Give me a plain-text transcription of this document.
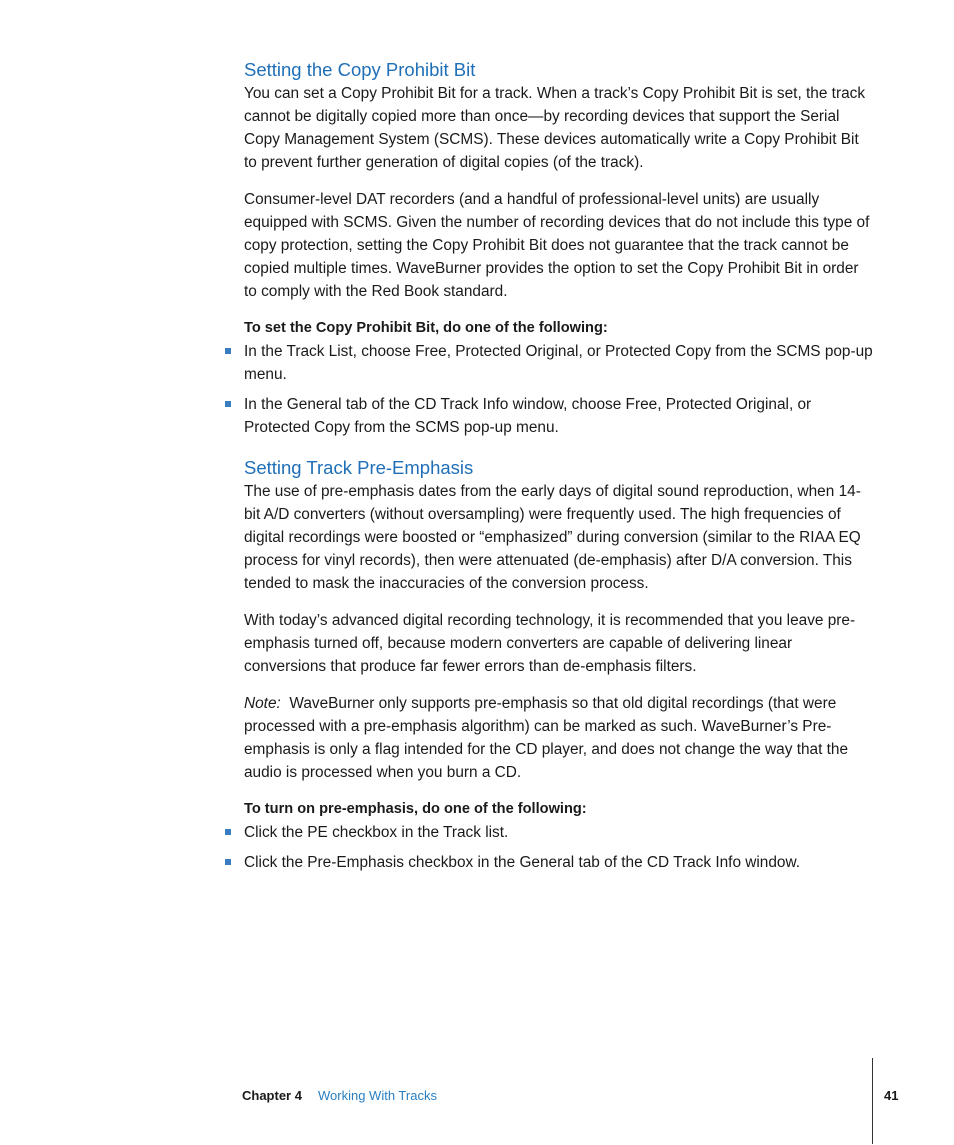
Setting the Copy Prohibit Bit

You can set a Copy Prohibit Bit for a track. When a track’s Copy Prohibit Bit is set, the track cannot be digitally copied more than once—by recording devices that support the Serial Copy Management System (SCMS). These devices automatically write a Copy Prohibit Bit to prevent further generation of digital copies (of the track).

Consumer-level DAT recorders (and a handful of professional-level units) are usually equipped with SCMS. Given the number of recording devices that do not include this type of copy protection, setting the Copy Prohibit Bit does not guarantee that the track cannot be copied multiple times. WaveBurner provides the option to set the Copy Prohibit Bit in order to comply with the Red Book standard.

To set the Copy Prohibit Bit, do one of the following:
In the Track List, choose Free, Protected Original, or Protected Copy from the SCMS pop-up menu.
In the General tab of the CD Track Info window, choose Free, Protected Original, or Protected Copy from the SCMS pop-up menu.
Setting Track Pre-Emphasis

The use of pre-emphasis dates from the early days of digital sound reproduction, when 14-bit A/D converters (without oversampling) were frequently used. The high frequencies of digital recordings were boosted or “emphasized” during conversion (similar to the RIAA EQ process for vinyl records), then were attenuated (de-emphasis) after D/A conversion. This tended to mask the inaccuracies of the conversion process.

With today’s advanced digital recording technology, it is recommended that you leave pre-emphasis turned off, because modern converters are capable of delivering linear conversions that produce far fewer errors than de-emphasis filters.

Note: WaveBurner only supports pre-emphasis so that old digital recordings (that were processed with a pre-emphasis algorithm) can be marked as such. WaveBurner’s Pre-emphasis is only a flag intended for the CD player, and does not change the way that the audio is processed when you burn a CD.

To turn on pre-emphasis, do one of the following:
Click the PE checkbox in the Track list.
Click the Pre-Emphasis checkbox in the General tab of the CD Track Info window.
Chapter 4 Working With Tracks	41
